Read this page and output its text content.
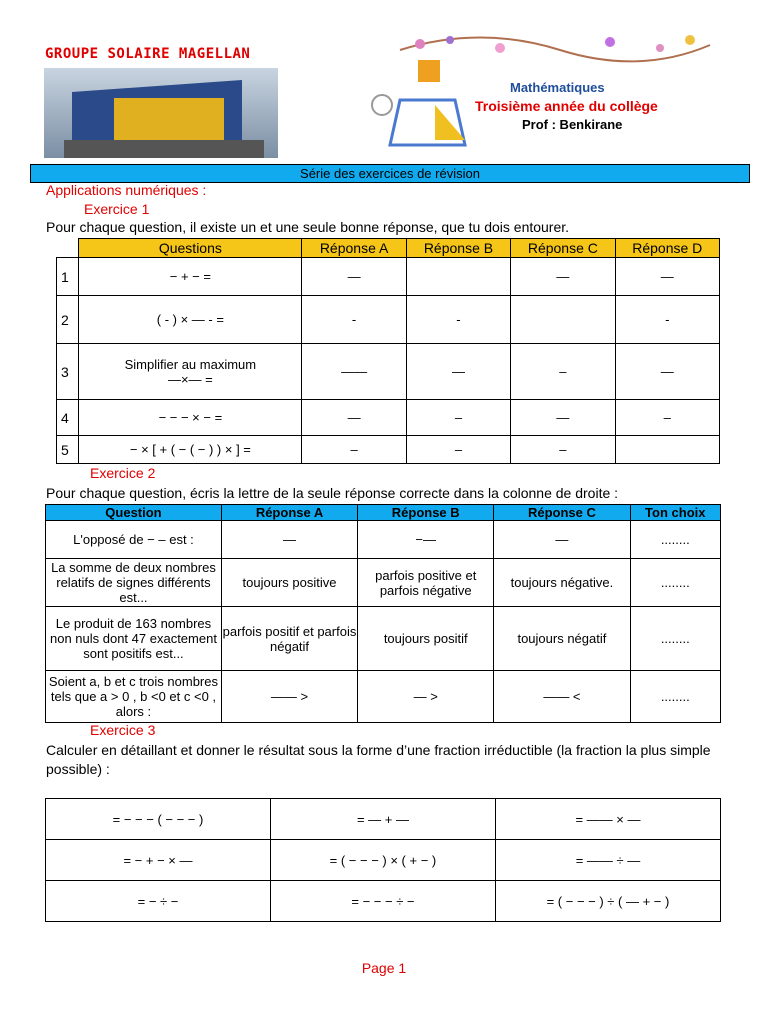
GROUPE SOLAIRE MAGELLAN
Mathématiques
Troisième année du collège
Prof : Benkirane
Série des exercices de révision
Applications numériques :
Exercice 1
Pour chaque question, il existe un et une seule bonne réponse, que tu dois entourer.
	Questions	Réponse A	Réponse B	Réponse C	Réponse D
1	− + − =	—		—	—
2	( - ) × ― - =	-	-		-
3	Simplifier au maximum
―×― =	——	―	–	―
4	− − − × − =	―	–	―	–
5	− × [ + ( − ( − ) ) × ] =	–	–	–	
Exercice 2
Pour chaque question, écris la lettre de la seule réponse correcte dans la colonne de droite :
Question	Réponse A	Réponse B	Réponse C	Ton choix
L'opposé de − – est :	―	−―	―	........
La somme de deux nombres relatifs de signes différents est...	toujours positive	parfois positive et parfois négative	toujours négative.	........
Le produit de 163 nombres non nuls dont 47 exactement sont positifs est...	parfois positif et parfois négatif	toujours positif	toujours négatif	........
Soient a, b et c trois nombres tels que a > 0 , b <0 et c <0 , alors :	―― >	― >	―― <	........
Exercice 3
Calculer en détaillant et donner le résultat sous la forme d’une fraction irréductible (la fraction la plus simple possible) :
= − − − ( − − − )	= ― + ―	= ―― × ―
= − + − × ―	= ( − − − ) × ( + − )	= ―― ÷ ―
= − ÷ −	= − − − ÷ −	= ( − − − ) ÷ ( ― + − )
Page 1
